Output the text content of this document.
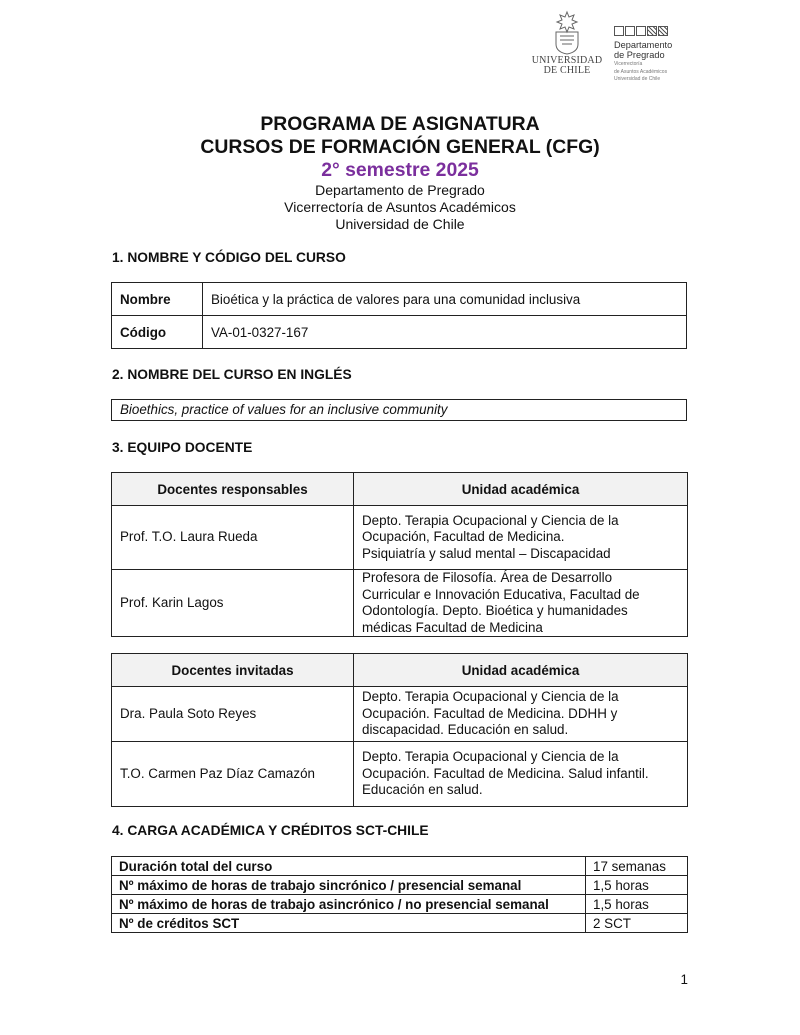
UNIVERSIDAD
DE CHILE
Departamento
de Pregrado
Vicerrectoría
de Asuntos Académicos
Universidad de Chile
PROGRAMA DE ASIGNATURA
CURSOS DE FORMACIÓN GENERAL (CFG)
2° semestre 2025
Departamento de Pregrado
Vicerrectoría de Asuntos Académicos
Universidad de Chile
1. NOMBRE Y CÓDIGO DEL CURSO
Nombre	Bioética y la práctica de valores para una comunidad inclusiva
Código	VA-01-0327-167
2. NOMBRE DEL CURSO EN INGLÉS
Bioethics, practice of values for an inclusive community
3. EQUIPO DOCENTE
Docentes responsables	Unidad académica
Prof. T.O. Laura Rueda	Depto. Terapia Ocupacional y Ciencia de la
Ocupación, Facultad de Medicina.
Psiquiatría y salud mental – Discapacidad

Prof. Karin Lagos	Profesora de Filosofía. Área de Desarrollo
Curricular e Innovación Educativa, Facultad de
Odontología. Depto. Bioética y humanidades
médicas Facultad de Medicina
Docentes invitadas	Unidad académica
Dra. Paula Soto Reyes	Depto. Terapia Ocupacional y Ciencia de la
Ocupación. Facultad de Medicina. DDHH y
discapacidad. Educación en salud.

T.O. Carmen Paz Díaz Camazón	Depto. Terapia Ocupacional y Ciencia de la
Ocupación. Facultad de Medicina. Salud infantil.
Educación en salud.
4. CARGA ACADÉMICA Y CRÉDITOS SCT-CHILE
Duración total del curso	17 semanas
Nº máximo de horas de trabajo sincrónico / presencial semanal	1,5 horas
Nº máximo de horas de trabajo asincrónico / no presencial semanal	1,5 horas
Nº de créditos SCT	2 SCT
1
